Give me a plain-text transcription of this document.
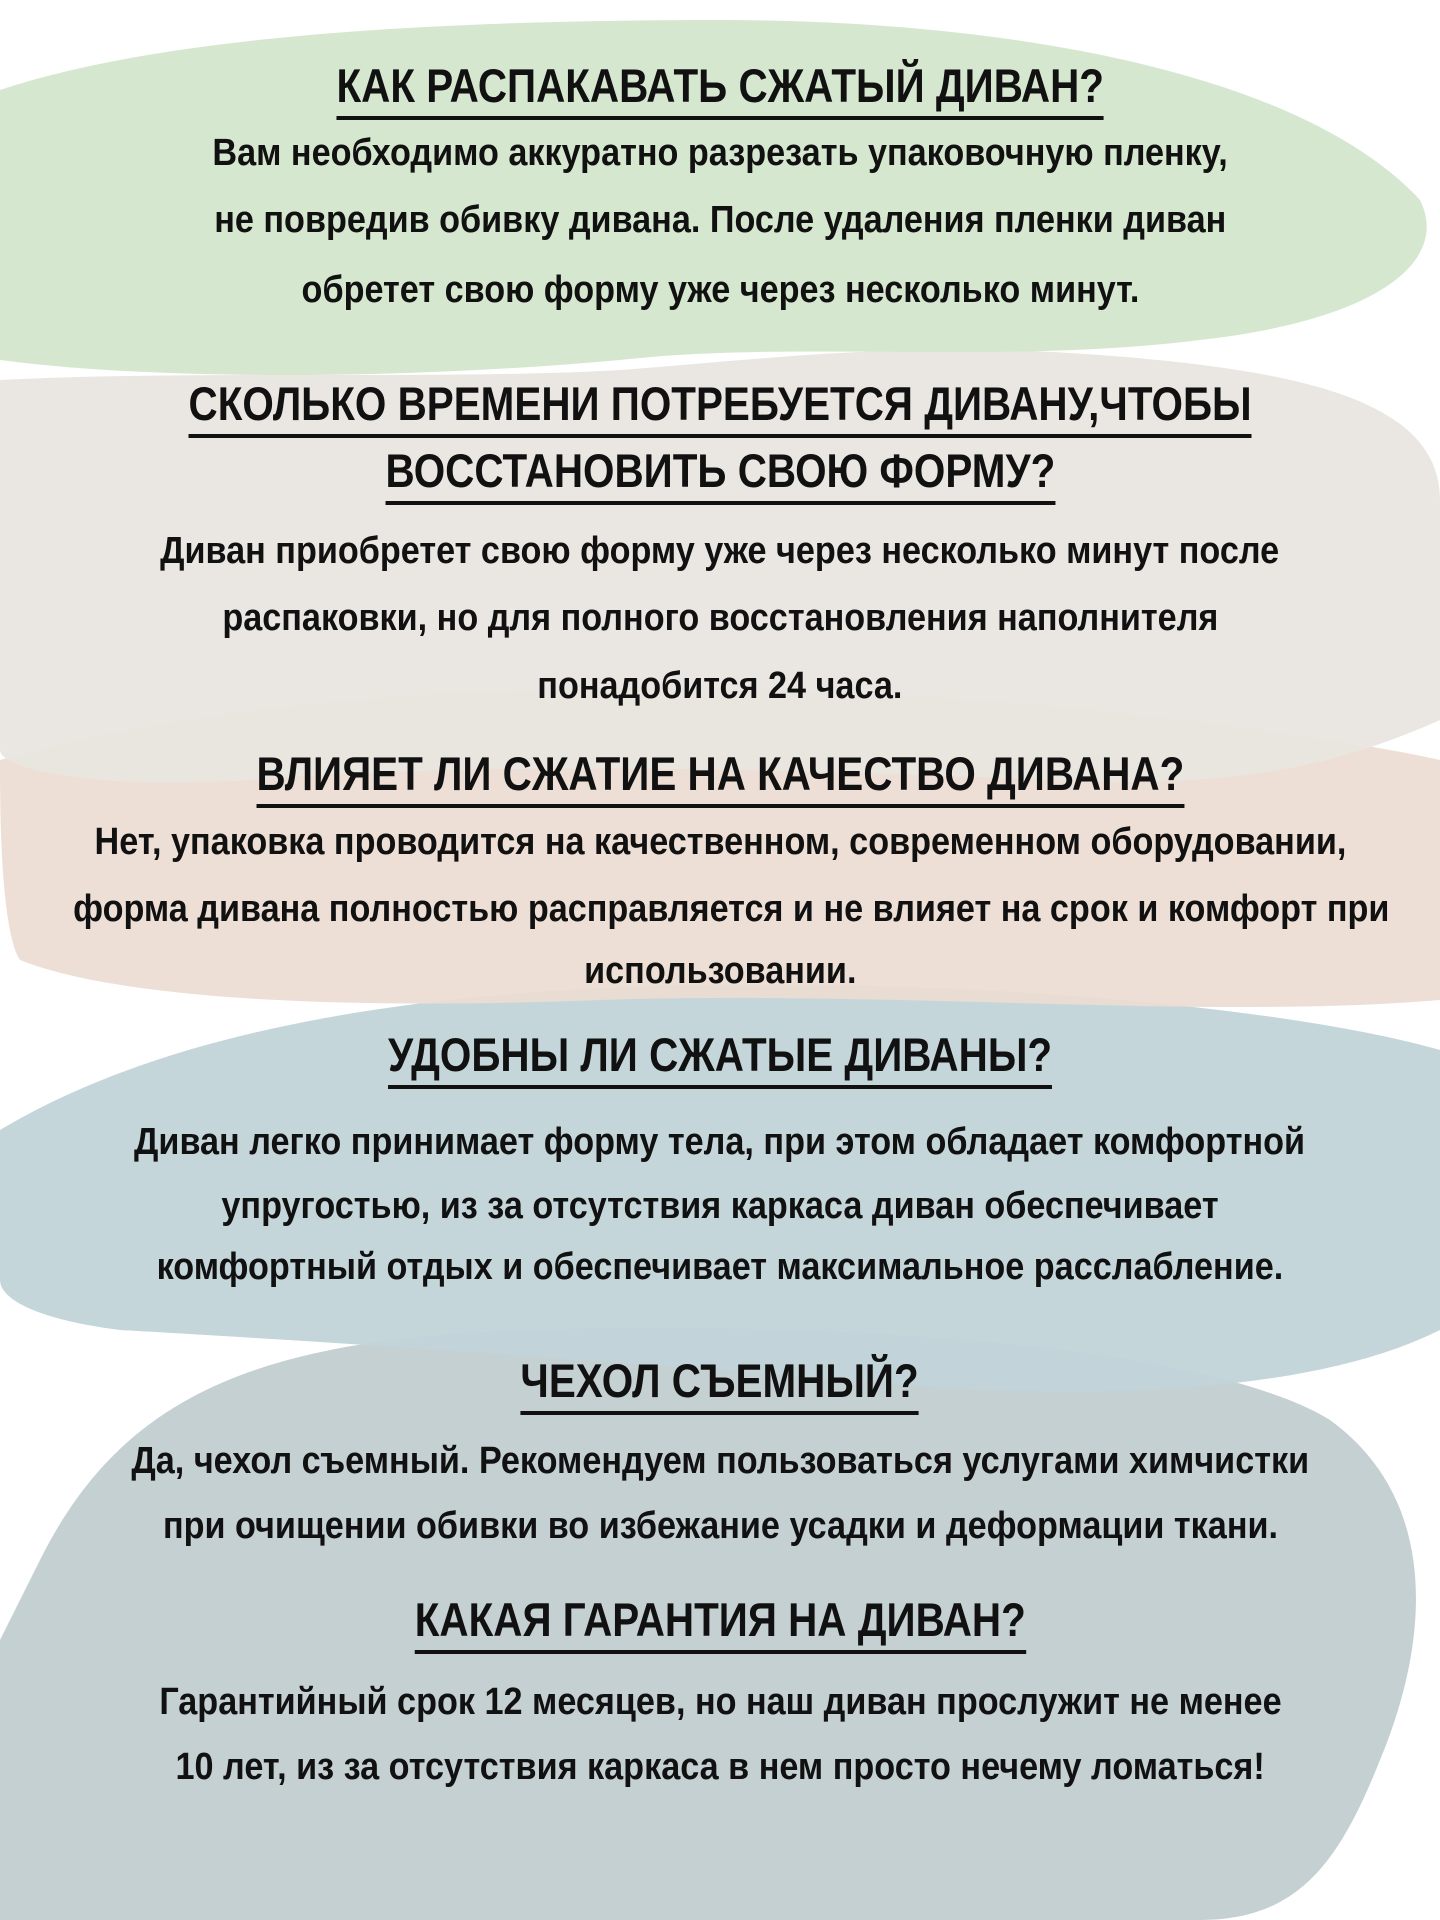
КАК РАСПАКАВАТЬ СЖАТЫЙ ДИВАН?
Вам необходимо аккуратно разрезать упаковочную пленку,
не повредив обивку дивана. После удаления пленки диван
обретет свою форму уже через несколько минут.
СКОЛЬКО ВРЕМЕНИ ПОТРЕБУЕТСЯ ДИВАНУ,ЧТОБЫ
ВОССТАНОВИТЬ СВОЮ ФОРМУ?
Диван приобретет свою форму уже через несколько минут после
распаковки, но для полного восстановления наполнителя
понадобится 24 часа.
ВЛИЯЕТ ЛИ СЖАТИЕ НА КАЧЕСТВО ДИВАНА?
Нет, упаковка проводится на качественном, современном оборудовании,
форма дивана полностью расправляется и не влияет на срок и комфорт при
использовании.
УДОБНЫ ЛИ СЖАТЫЕ ДИВАНЫ?
Диван легко принимает форму тела, при этом обладает комфортной
упругостью, из за отсутствия каркаса диван обеспечивает
комфортный отдых и обеспечивает максимальное расслабление.
ЧЕХОЛ СЪЕМНЫЙ?
Да, чехол съемный. Рекомендуем пользоваться услугами химчистки
при очищении обивки во избежание усадки и деформации ткани.
КАКАЯ ГАРАНТИЯ НА ДИВАН?
Гарантийный срок 12 месяцев, но наш диван прослужит не менее
10 лет, из за отсутствия каркаса в нем просто нечему ломаться!
